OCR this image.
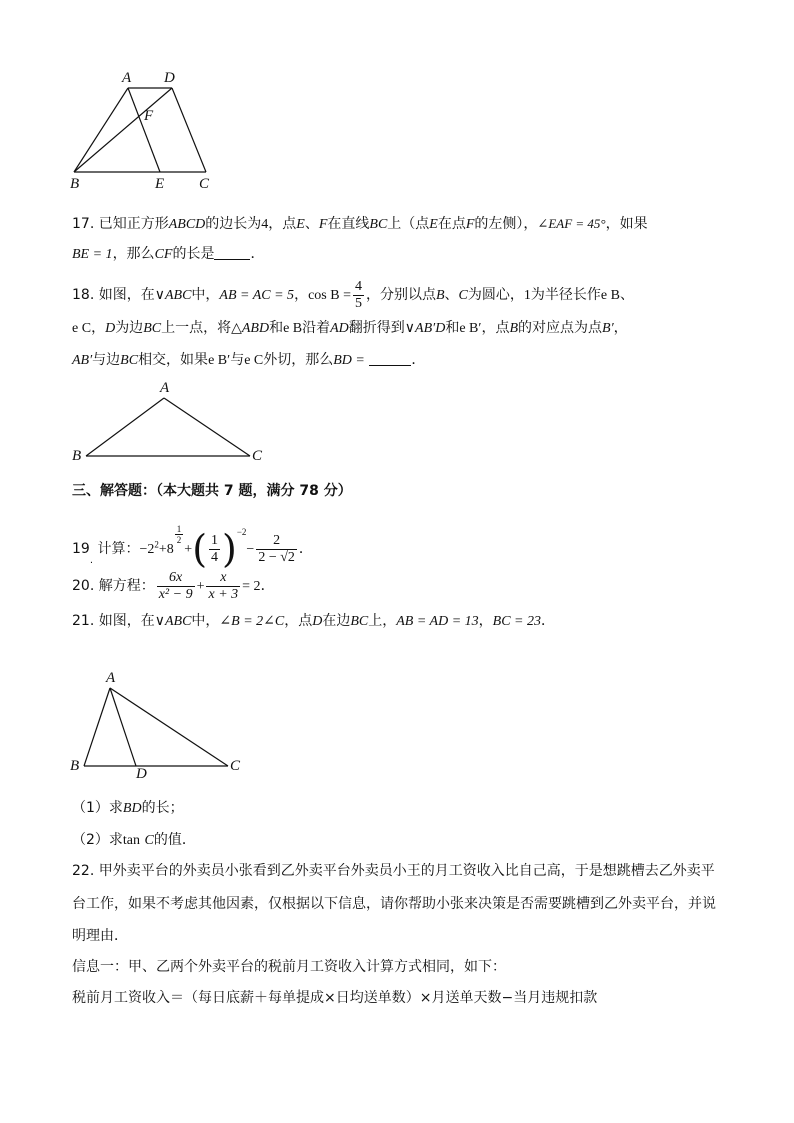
A D
F
B	E C
17. 已知正方形ABCD的边长为4，点E、F在直线BC上（点E在点F的左侧），∠EAF = 45°，如果
BE = 1，那么CF的长是	．
18. 如图，在∨ABC中，AB = AC = 5，$\cos B = \frac{4}{5}$ ，分别以点B、C为圆心，1为半径长作e B、
e C，D为边BC上一点，将△ABD和e B沿着AD翻折得到∨AB′D和e B′，点B的对应点为点B′，
AB′与边BC相交，如果e B′与e C外切，那么BD =	．
A
B	C
三、解答题：（本大题共 7 题，满分 78 分）
$19_.$ 计算：$-2^2+8$
$\frac{1}{2}$
+( $\frac{1}{4} )^{-2}- \frac{2}{2 - √2}$ ．
20. 解方程： $\frac{6x}{\text{x² − 9}} + \frac{x}{x + 3} = 2$．
21. 如图，在∨ABC中，∠B = 2∠C，点D在边BC上，AB = AD = 13，BC = 23．
A
B	D	C
（1）求BD的长；
（2）求tan C的值．
22. 甲外卖平台的外卖员小张看到乙外卖平台外卖员小王的月工资收入比自己高，于是想跳槽去乙外卖平
台工作，如果不考虑其他因素，仅根据以下信息，请你帮助小张来决策是否需要跳槽到乙外卖平台，并说
明理由．
信息一：甲、乙两个外卖平台的税前月工资收入计算方式相同，如下：
税前月工资收入＝（每日底薪＋每单提成×日均送单数）×月送单天数−当月违规扣款
